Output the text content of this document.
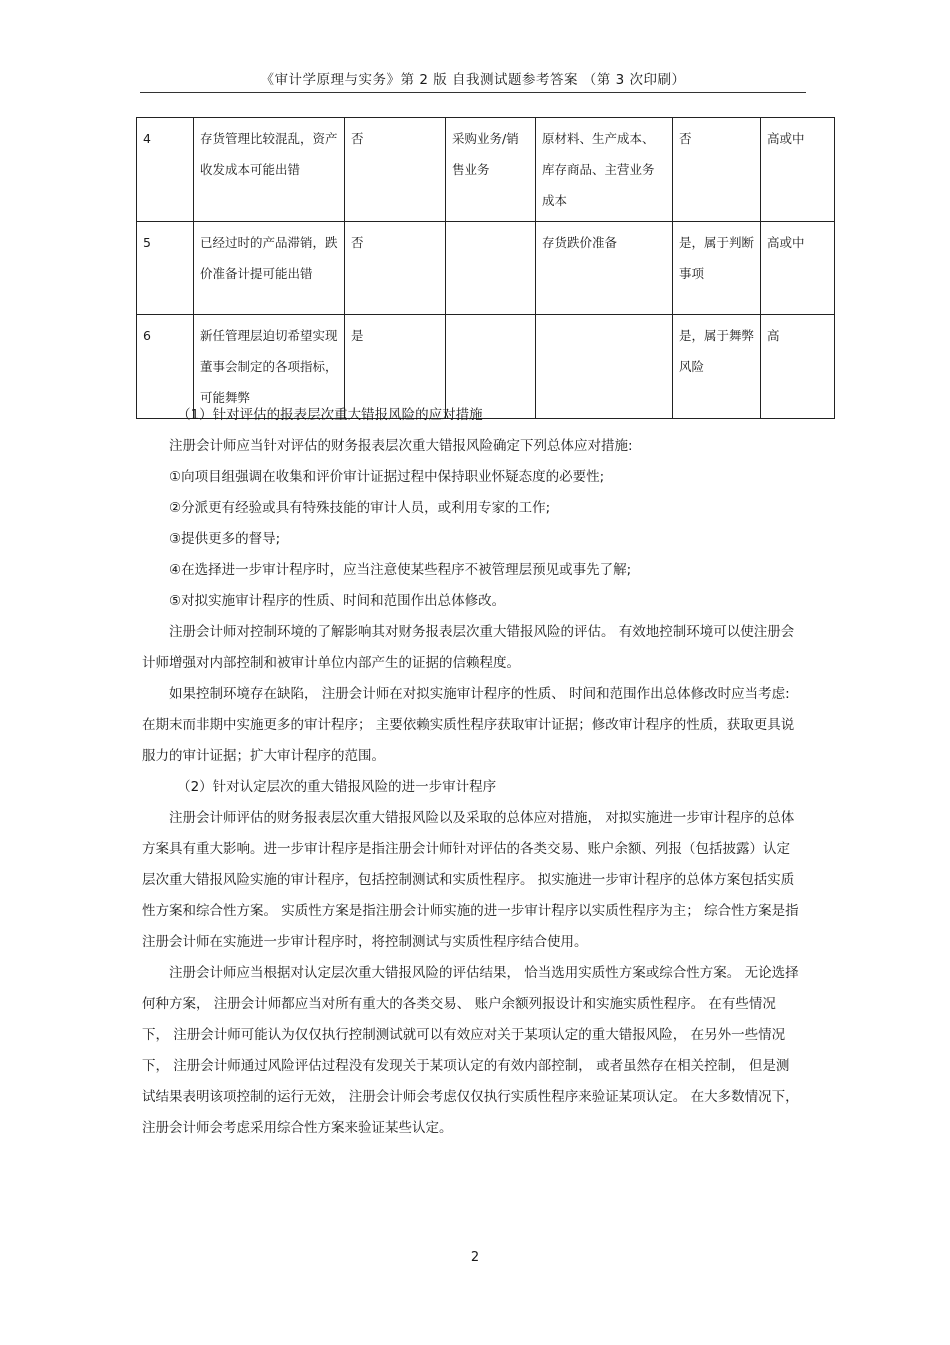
《审计学原理与实务》第 2 版 自我测试题参考答案 （第 3 次印刷）
4	存货管理比较混乱，资产收发成本可能出错	否	采购业务/销售业务	原材料、生产成本、库存商品、主营业务成本	否	高或中
5	已经过时的产品滞销，跌价准备计提可能出错	否		存货跌价准备	是，属于判断事项	高或中
6	新任管理层迫切希望实现董事会制定的各项指标，可能舞弊	是			是，属于舞弊风险	高

（1）针对评估的报表层次重大错报风险的应对措施

注册会计师应当针对评估的财务报表层次重大错报风险确定下列总体应对措施:

①向项目组强调在收集和评价审计证据过程中保持职业怀疑态度的必要性;

②分派更有经验或具有特殊技能的审计人员，或利用专家的工作;

③提供更多的督导;

④在选择进一步审计程序时，应当注意使某些程序不被管理层预见或事先了解;

⑤对拟实施审计程序的性质、时间和范围作出总体修改。

注册会计师对控制环境的了解影响其对财务报表层次重大错报风险的评估。 有效地控制环境可以使注册会计师增强对内部控制和被审计单位内部产生的证据的信赖程度。

如果控制环境存在缺陷， 注册会计师在对拟实施审计程序的性质、 时间和范围作出总体修改时应当考虑: 在期末而非期中实施更多的审计程序； 主要依赖实质性程序获取审计证据；修改审计程序的性质，获取更具说服力的审计证据；扩大审计程序的范围。

（2）针对认定层次的重大错报风险的进一步审计程序

注册会计师评估的财务报表层次重大错报风险以及采取的总体应对措施， 对拟实施进一步审计程序的总体方案具有重大影响。进一步审计程序是指注册会计师针对评估的各类交易、账户余额、列报（包括披露）认定层次重大错报风险实施的审计程序，包括控制测试和实质性程序。 拟实施进一步审计程序的总体方案包括实质性方案和综合性方案。 实质性方案是指注册会计师实施的进一步审计程序以实质性程序为主； 综合性方案是指注册会计师在实施进一步审计程序时，将控制测试与实质性程序结合使用。

注册会计师应当根据对认定层次重大错报风险的评估结果， 恰当选用实质性方案或综合性方案。 无论选择何种方案， 注册会计师都应当对所有重大的各类交易、 账户余额列报设计和实施实质性程序。 在有些情况下， 注册会计师可能认为仅仅执行控制测试就可以有效应对关于某项认定的重大错报风险， 在另外一些情况下， 注册会计师通过风险评估过程没有发现关于某项认定的有效内部控制， 或者虽然存在相关控制， 但是测试结果表明该项控制的运行无效， 注册会计师会考虑仅仅执行实质性程序来验证某项认定。 在大多数情况下， 注册会计师会考虑采用综合性方案来验证某些认定。

2
